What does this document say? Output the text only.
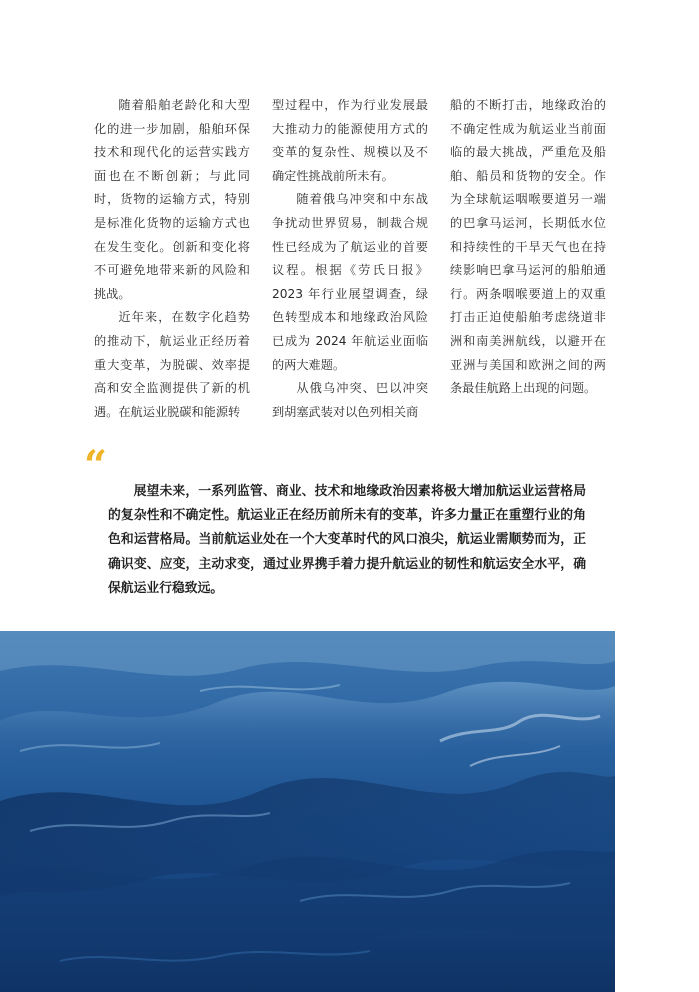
随着船舶老龄化和大型化的进一步加剧，船舶环保技术和现代化的运营实践方面也在不断创新；与此同时，货物的运输方式，特别是标准化货物的运输方式也在发生变化。创新和变化将不可避免地带来新的风险和挑战。

近年来，在数字化趋势的推动下，航运业正经历着重大变革，为脱碳、效率提高和安全监测提供了新的机遇。在航运业脱碳和能源转

型过程中，作为行业发展最大推动力的能源使用方式的变革的复杂性、规模以及不确定性挑战前所未有。

随着俄乌冲突和中东战争扰动世界贸易，制裁合规性已经成为了航运业的首要议程。根据《劳氏日报》2023 年行业展望调查，绿色转型成本和地缘政治风险已成为 2024 年航运业面临的两大难题。

从俄乌冲突、巴以冲突到胡塞武装对以色列相关商

船的不断打击，地缘政治的不确定性成为航运业当前面临的最大挑战，严重危及船舶、船员和货物的安全。作为全球航运咽喉要道另一端的巴拿马运河，长期低水位和持续性的干旱天气也在持续影响巴拿马运河的船舶通行。两条咽喉要道上的双重打击正迫使船舶考虑绕道非洲和南美洲航线，以避开在亚洲与美国和欧洲之间的两条最佳航路上出现的问题。

“

展望未来，一系列监管、商业、技术和地缘政治因素将极大增加航运业运营格局的复杂性和不确定性。航运业正在经历前所未有的变革，许多力量正在重塑行业的角色和运营格局。当前航运业处在一个大变革时代的风口浪尖，航运业需顺势而为，正确识变、应变，主动求变，通过业界携手着力提升航运业的韧性和航运安全水平，确保航运业行稳致远。
